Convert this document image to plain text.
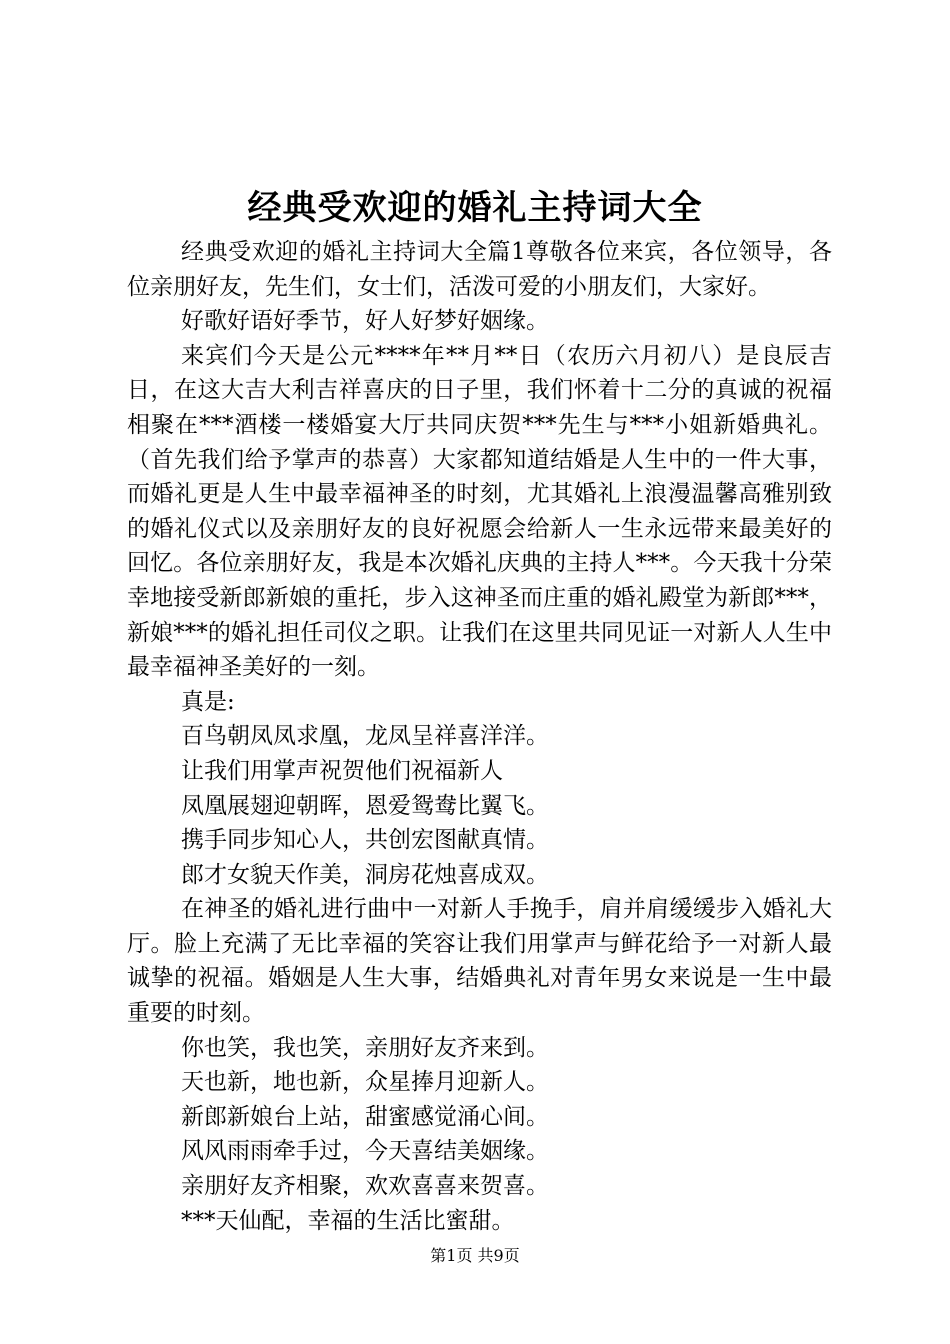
经典受欢迎的婚礼主持词大全

经典受欢迎的婚礼主持词大全篇1尊敬各位来宾，各位领导，各位亲朋好友，先生们，女士们，活泼可爱的小朋友们，大家好。

好歌好语好季节，好人好梦好姻缘。

来宾们今天是公元****年**月**日（农历六月初八）是良辰吉日，在这大吉大利吉祥喜庆的日子里，我们怀着十二分的真诚的祝福相聚在***酒楼一楼婚宴大厅共同庆贺***先生与***小姐新婚典礼。（首先我们给予掌声的恭喜）大家都知道结婚是人生中的一件大事，而婚礼更是人生中最幸福神圣的时刻，尤其婚礼上浪漫温馨高雅别致的婚礼仪式以及亲朋好友的良好祝愿会给新人一生永远带来最美好的回忆。各位亲朋好友，我是本次婚礼庆典的主持人***。今天我十分荣幸地接受新郎新娘的重托，步入这神圣而庄重的婚礼殿堂为新郎***，新娘***的婚礼担任司仪之职。让我们在这里共同见证一对新人人生中最幸福神圣美好的一刻。

真是:

百鸟朝凤凤求凰，龙凤呈祥喜洋洋。

让我们用掌声祝贺他们祝福新人

凤凰展翅迎朝晖，恩爱鸳鸯比翼飞。

携手同步知心人，共创宏图献真情。

郎才女貌天作美，洞房花烛喜成双。

在神圣的婚礼进行曲中一对新人手挽手，肩并肩缓缓步入婚礼大厅。脸上充满了无比幸福的笑容让我们用掌声与鲜花给予一对新人最诚挚的祝福。婚姻是人生大事，结婚典礼对青年男女来说是一生中最重要的时刻。

你也笑，我也笑，亲朋好友齐来到。

天也新，地也新，众星捧月迎新人。

新郎新娘台上站，甜蜜感觉涌心间。

风风雨雨牵手过，今天喜结美姻缘。

亲朋好友齐相聚，欢欢喜喜来贺喜。

***天仙配，幸福的生活比蜜甜。

第1页 共9页
